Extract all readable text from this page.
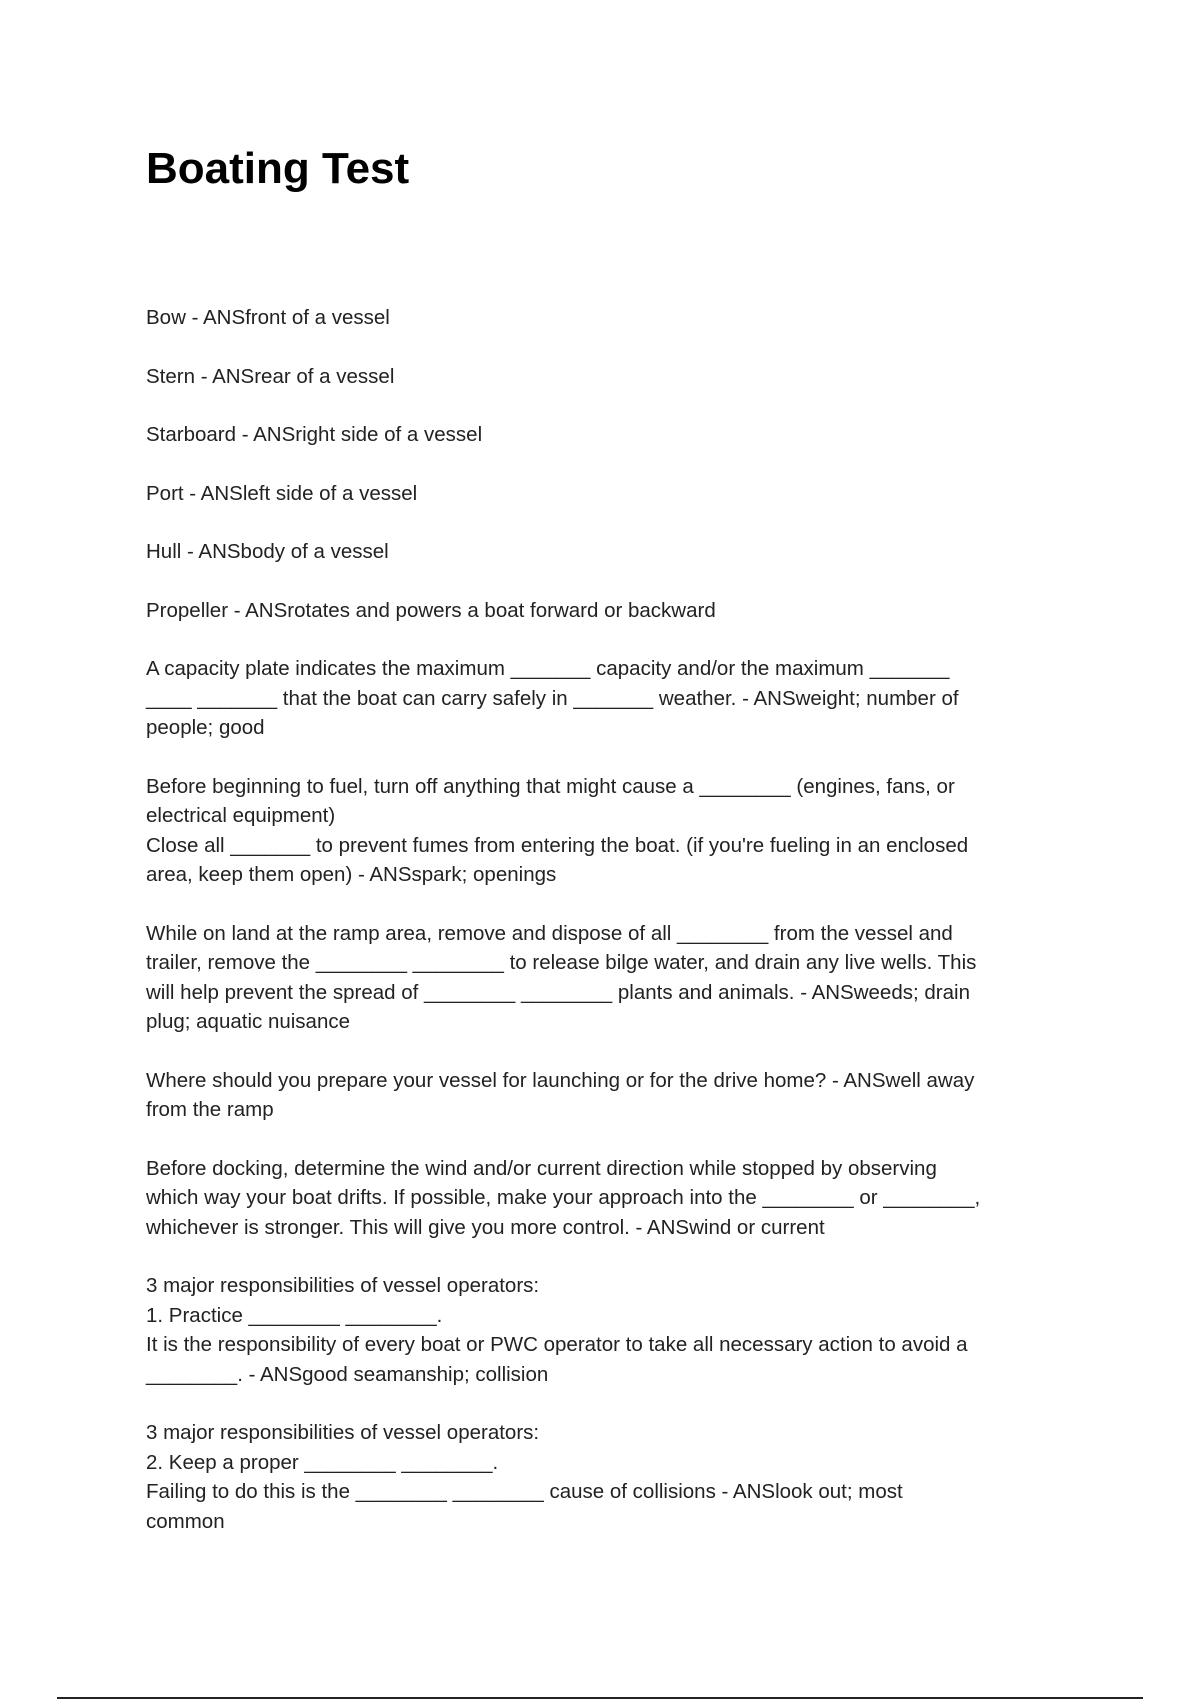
Boating Test
Bow - ANSfront of a vessel
Stern - ANSrear of a vessel
Starboard - ANSright side of a vessel
Port - ANSleft side of a vessel
Hull - ANSbody of a vessel
Propeller - ANSrotates and powers a boat forward or backward
A capacity plate indicates the maximum _______ capacity and/or the maximum _______
____ _______ that the boat can carry safely in _______ weather. - ANSweight; number of
people; good
Before beginning to fuel, turn off anything that might cause a ________ (engines, fans, or
electrical equipment)
Close all _______ to prevent fumes from entering the boat. (if you're fueling in an enclosed
area, keep them open) - ANSspark; openings
While on land at the ramp area, remove and dispose of all ________ from the vessel and
trailer, remove the ________ ________ to release bilge water, and drain any live wells. This
will help prevent the spread of ________ ________ plants and animals. - ANSweeds; drain
plug; aquatic nuisance
Where should you prepare your vessel for launching or for the drive home? - ANSwell away
from the ramp
Before docking, determine the wind and/or current direction while stopped by observing
which way your boat drifts. If possible, make your approach into the ________ or ________,
whichever is stronger. This will give you more control. - ANSwind or current
3 major responsibilities of vessel operators:
1. Practice ________ ________.
It is the responsibility of every boat or PWC operator to take all necessary action to avoid a
________. - ANSgood seamanship; collision
3 major responsibilities of vessel operators:
2. Keep a proper ________ ________.
Failing to do this is the ________ ________ cause of collisions - ANSlook out; most
common
